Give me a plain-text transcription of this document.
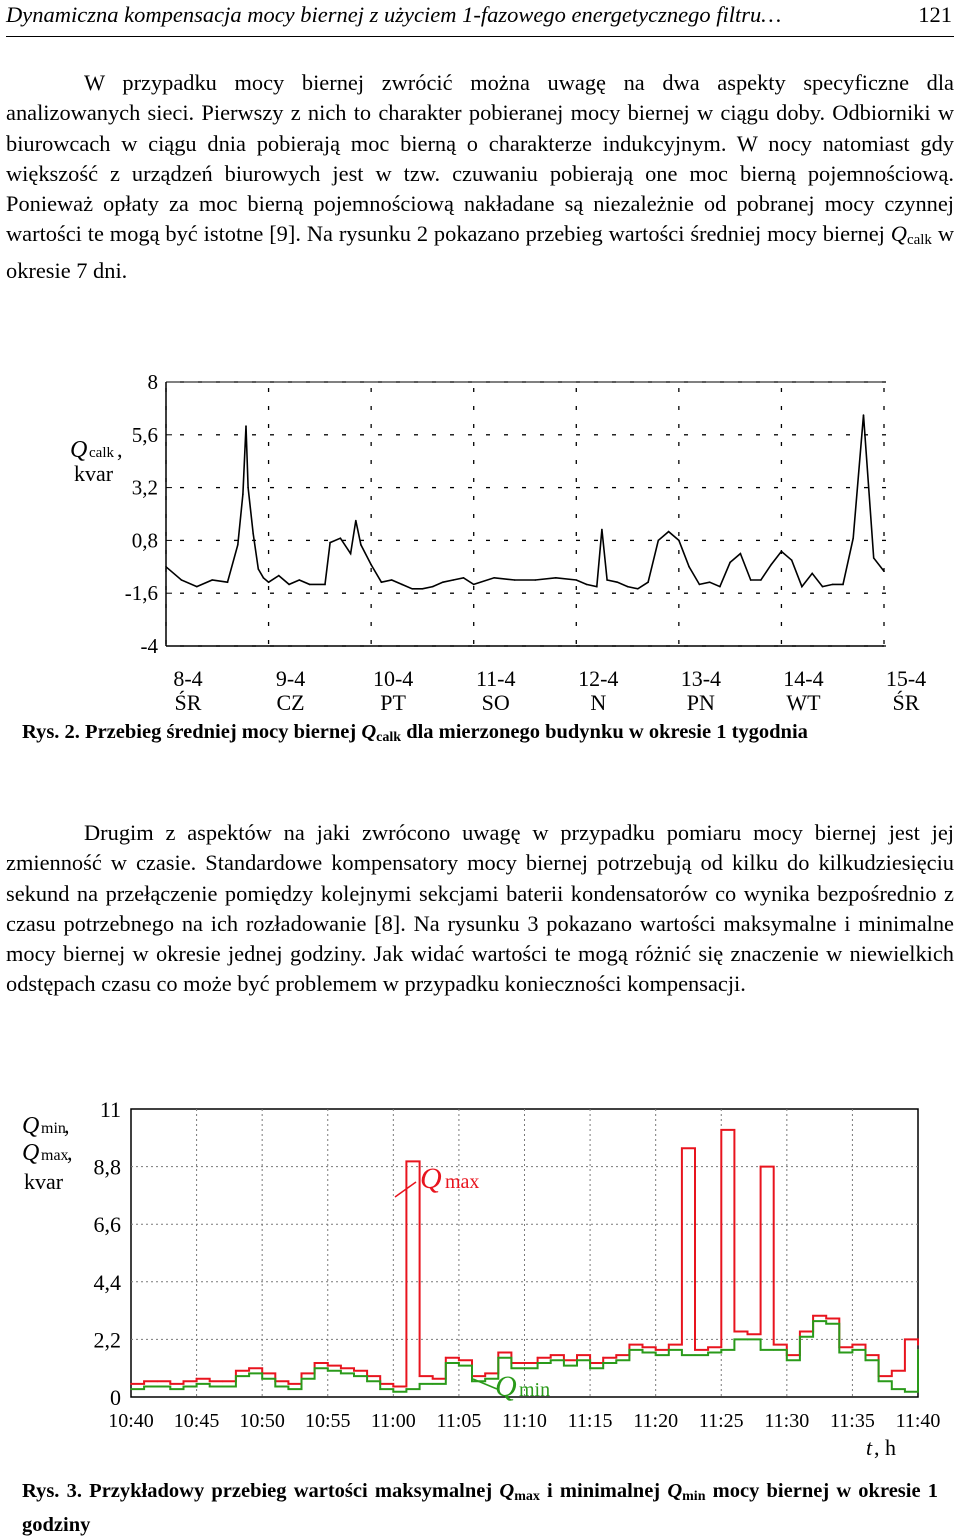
Dynamiczna kompensacja mocy biernej z użyciem 1-fazowego energetycznego filtru…	121
W przypadku mocy biernej zwrócić można uwagę na dwa aspekty specyficzne dla analizowanych sieci. Pierwszy z nich to charakter pobieranej mocy biernej w ciągu doby. Odbiorniki w biurowcach w ciągu dnia pobierają moc bierną o charakterze indukcyjnym. W nocy natomiast gdy większość z urządzeń biurowych jest w tzw. czuwaniu pobierają one moc bierną pojemnościową. Ponieważ opłaty za moc bierną pojemnościową nakładane są niezależnie od pobranej mocy czynnej wartości te mogą być istotne [9]. Na rysunku 2 pokazano przebieg wartości średniej mocy biernej $Q_{calk}$ w okresie 7 dni.
Q calk ,
kvar
8
5,6
3,2
0,8
-1,6
-4
8-4
ŚR
9-4
CZ
10-4
PT
11-4
SO
12-4
N
13-4
PN
14-4
WT
15-4
ŚR
Rys. 2. Przebieg średniej mocy biernej $Q_{calk}$ dla mierzonego budynku w okresie 1 tygodnia
Drugim z aspektów na jaki zwrócono uwagę w przypadku pomiaru mocy biernej jest jej zmienność w czasie. Standardowe kompensatory mocy biernej potrzebują od kilku do kilkudziesięciu sekund na przełączenie pomiędzy kolejnymi sekcjami baterii kondensatorów co wynika bezpośrednio z czasu potrzebnego na ich rozładowanie [8]. Na rysunku 3 pokazano wartości maksymalne i minimalne mocy biernej w okresie jednej godziny. Jak widać wartości te mogą różnić się znaczenie w niewielkich odstępach czasu co może być problemem w przypadku konieczności kompensacji.
Q min
,
Q max
,
kvar
11
8,8
6,6
4,4
2,2
0
10:40 10:45 10:50 10:55 11:00 11:05 11:10 11:15 11:20 11:25 11:30 11:35 11:40
Q max
Q min
t , h
Rys. 3. Przykładowy przebieg wartości maksymalnej $Q_{max}$ i minimalnej $Q_{min}$ mocy biernej w okresie 1 godziny
